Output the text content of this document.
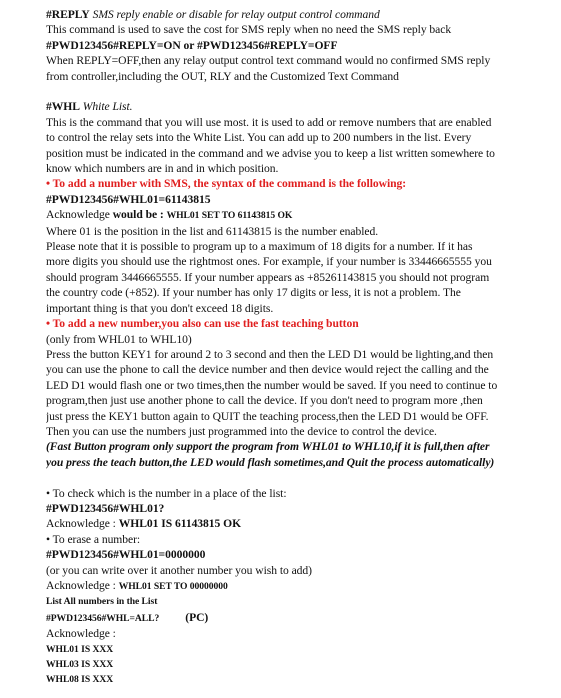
#REPLY SMS reply enable or disable for relay output control command
This command is used to save the cost for SMS reply when no need the SMS reply back
#PWD123456#REPLY=ON or #PWD123456#REPLY=OFF
When REPLY=OFF,then any relay output control text command would no confirmed SMS reply
from controller,including the OUT, RLY and the Customized Text Command
#WHL White List.
This is the command that you will use most. it is used to add or remove numbers that are enabled
to control the relay sets into the White List. You can add up to 200 numbers in the list. Every
position must be indicated in the command and we advise you to keep a list written somewhere to
know which numbers are in and in which position.
• To add a number with SMS, the syntax of the command is the following:
#PWD123456#WHL01=61143815
Acknowledge would be : WHL01 SET TO 61143815 OK
Where 01 is the position in the list and 61143815 is the number enabled.
Please note that it is possible to program up to a maximum of 18 digits for a number. If it has
more digits you should use the rightmost ones. For example, if your number is 33446665555 you
should program 3446665555. If your number appears as +85261143815 you should not program
the country code (+852). If your number has only 17 digits or less, it is not a problem. The
important thing is that you don't exceed 18 digits.
• To add a new number,you also can use the fast teaching button
(only from WHL01 to WHL10)
Press the button KEY1 for around 2 to 3 second and then the LED D1 would be lighting,and then
you can use the phone to call the device number and then device would reject the calling and the
LED D1 would flash one or two times,then the number would be saved. If you need to continue to
program,then just use another phone to call the device. If you don't need to program more ,then
just press the KEY1 button again to QUIT the teaching process,then the LED D1 would be OFF.
Then you can use the numbers just programmed into the device to control the device.
(Fast Button program only support the program from WHL01 to WHL10,if it is full,then after
you press the teach button,the LED would flash sometimes,and Quit the process automatically)
• To check which is the number in a place of the list:
#PWD123456#WHL01?
Acknowledge : WHL01 IS 61143815 OK
• To erase a number:
#PWD123456#WHL01=0000000
(or you can write over it another number you wish to add)
Acknowledge : WHL01 SET TO 00000000
List All numbers in the List
#PWD123456#WHL=ALL? (PC)
Acknowledge :
WHL01 IS XXX
WHL03 IS XXX
WHL08 IS XXX
